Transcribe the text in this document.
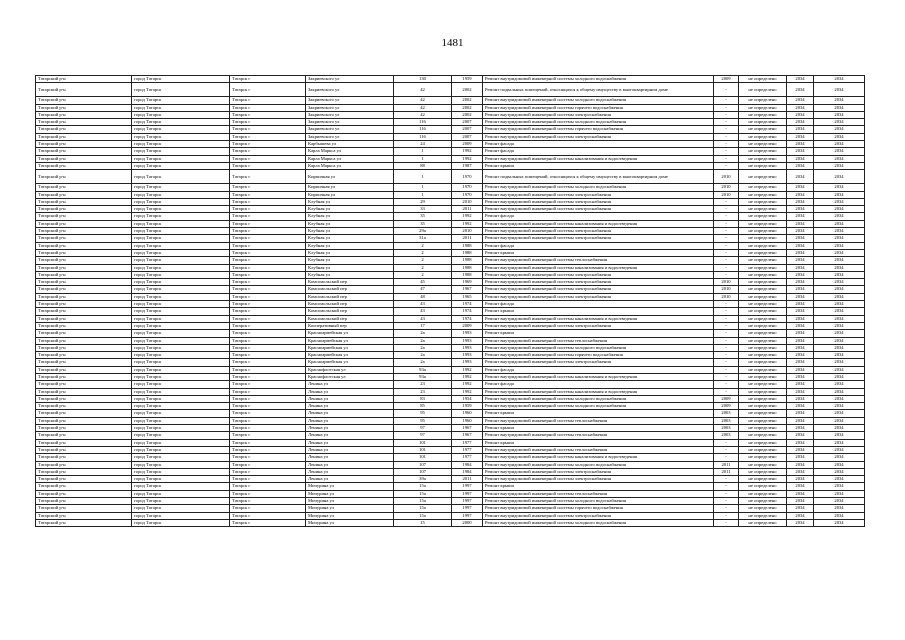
1481
Татарский р-н	город Татарск	Татарск г	Закриевского ул	130	1959	Ремонт внутридомовой инженерной системы холодного водоснабжения	2009	не определено	2034	2034
Татарский р-н	город Татарск	Татарск г	Закриевского ул	42	2002	Ремонт подвальных помещений, относящихся к общему имуществу в многоквартирном доме	-	не определено	2034	2034
Татарский р-н	город Татарск	Татарск г	Закриевского ул	42	2002	Ремонт внутридомовой инженерной системы холодного водоснабжения	-	не определено	2034	2034
Татарский р-н	город Татарск	Татарск г	Закриевского ул	42	2002	Ремонт внутридомовой инженерной системы горячего водоснабжения	-	не определено	2034	2034
Татарский р-н	город Татарск	Татарск г	Закриевского ул	42	2002	Ремонт внутридомовой инженерной системы электроснабжения	-	не определено	2034	2034
Татарский р-н	город Татарск	Татарск г	Закриевского ул	116	2007	Ремонт внутридомовой инженерной системы холодного водоснабжения	-	не определено	2034	2034
Татарский р-н	город Татарск	Татарск г	Закриевского ул	116	2007	Ремонт внутридомовой инженерной системы горячего водоснабжения	-	не определено	2034	2034
Татарский р-н	город Татарск	Татарск г	Закриевского ул	116	2007	Ремонт внутридомовой инженерной системы электроснабжения	-	не определено	2034	2034
Татарский р-н	город Татарск	Татарск г	Карбышева ул	24	2009	Ремонт фасада	-	не определено	2034	2034
Татарский р-н	город Татарск	Татарск г	Карла Маркса ул	1	1992	Ремонт фасада	-	не определено	2034	2034
Татарский р-н	город Татарск	Татарск г	Карла Маркса ул	1	1992	Ремонт внутридомовой инженерной системы канализования и водоотведения	-	не определено	2034	2034
Татарский р-н	город Татарск	Татарск г	Карла Маркса ул	88	1987	Ремонт крыши	-	не определено	2034	2034
Татарский р-н	город Татарск	Татарск г	Кирпичная ул	1	1970	Ремонт подвальных помещений, относящихся к общему имуществу в многоквартирном доме	2010	не определено	2034	2034
Татарский р-н	город Татарск	Татарск г	Кирпичная ул	1	1970	Ремонт внутридомовой инженерной системы холодного водоснабжения	2010	не определено	2034	2034
Татарский р-н	город Татарск	Татарск г	Кирпичная ул	1	1970	Ремонт внутридомовой инженерной системы электроснабжения	2010	не определено	2034	2034
Татарский р-н	город Татарск	Татарск г	Клубная ул	29	2010	Ремонт внутридомовой инженерной системы электроснабжения	-	не определено	2034	2034
Татарский р-н	город Татарск	Татарск г	Клубная ул	33	2011	Ремонт внутридомовой инженерной системы электроснабжения	-	не определено	2034	2034
Татарский р-н	город Татарск	Татарск г	Клубная ул	35	1992	Ремонт фасада	-	не определено	2034	2034
Татарский р-н	город Татарск	Татарск г	Клубная ул	35	1992	Ремонт внутридомовой инженерной системы канализования и водоотведения	-	не определено	2034	2034
Татарский р-н	город Татарск	Татарск г	Клубная ул	29а	2010	Ремонт внутридомовой инженерной системы электроснабжения	-	не определено	2034	2034
Татарский р-н	город Татарск	Татарск г	Клубная ул	31а	2011	Ремонт внутридомовой инженерной системы электроснабжения	-	не определено	2034	2034
Татарский р-н	город Татарск	Татарск г	Клубная ул	2	1988	Ремонт фасада	-	не определено	2034	2034
Татарский р-н	город Татарск	Татарск г	Клубная ул	2	1988	Ремонт крыши	-	не определено	2034	2034
Татарский р-н	город Татарск	Татарск г	Клубная ул	2	1988	Ремонт внутридомовой инженерной системы теплоснабжения	-	не определено	2034	2034
Татарский р-н	город Татарск	Татарск г	Клубная ул	2	1988	Ремонт внутридомовой инженерной системы канализования и водоотведения	-	не определено	2034	2034
Татарский р-н	город Татарск	Татарск г	Клубная ул	2	1988	Ремонт внутридомовой инженерной системы электроснабжения	-	не определено	2034	2034
Татарский р-н	город Татарск	Татарск г	Комсомольский пер	45	1969	Ремонт внутридомовой инженерной системы электроснабжения	2010	не определено	2034	2034
Татарский р-н	город Татарск	Татарск г	Комсомольский пер	47	1967	Ремонт внутридомовой инженерной системы электроснабжения	2010	не определено	2034	2034
Татарский р-н	город Татарск	Татарск г	Комсомольский пер	48	1965	Ремонт внутридомовой инженерной системы электроснабжения	2010	не определено	2034	2034
Татарский р-н	город Татарск	Татарск г	Комсомольский пер	43	1974	Ремонт фасада	-	не определено	2034	2034
Татарский р-н	город Татарск	Татарск г	Комсомольский пер	43	1974	Ремонт крыши	-	не определено	2034	2034
Татарский р-н	город Татарск	Татарск г	Комсомольский пер	43	1974	Ремонт внутридомовой инженерной системы канализования и водоотведения	-	не определено	2034	2034
Татарский р-н	город Татарск	Татарск г	Кооперативный пер	17	2009	Ремонт внутридомовой инженерной системы электроснабжения	-	не определено	2034	2034
Татарский р-н	город Татарск	Татарск г	Красноармейская ул	2а	1993	Ремонт крыши	-	не определено	2034	2034
Татарский р-н	город Татарск	Татарск г	Красноармейская ул	2а	1993	Ремонт внутридомовой инженерной системы теплоснабжения	-	не определено	2034	2034
Татарский р-н	город Татарск	Татарск г	Красноармейская ул	2а	1993	Ремонт внутридомовой инженерной системы холодного водоснабжения	-	не определено	2034	2034
Татарский р-н	город Татарск	Татарск г	Красноармейская ул	2а	1993	Ремонт внутридомовой инженерной системы горячего водоснабжения	-	не определено	2034	2034
Татарский р-н	город Татарск	Татарск г	Красноармейская ул	2а	1993	Ремонт внутридомовой инженерной системы электроснабжения	-	не определено	2034	2034
Татарский р-н	город Татарск	Татарск г	Краснофлотская ул	93а	1992	Ремонт фасада	-	не определено	2034	2034
Татарский р-н	город Татарск	Татарск г	Краснофлотская ул	93а	1992	Ремонт внутридомовой инженерной системы канализования и водоотведения	-	не определено	2034	2034
Татарский р-н	город Татарск	Татарск г	Ленина ул	23	1992	Ремонт фасада	-	не определено	2034	2034
Татарский р-н	город Татарск	Татарск г	Ленина ул	23	1992	Ремонт внутридомовой инженерной системы канализования и водоотведения	-	не определено	2034	2034
Татарский р-н	город Татарск	Татарск г	Ленина ул	83	1954	Ремонт внутридомовой инженерной системы холодного водоснабжения	2009	не определено	2034	2034
Татарский р-н	город Татарск	Татарск г	Ленина ул	85	1959	Ремонт внутридомовой инженерной системы холодного водоснабжения	2009	не определено	2034	2034
Татарский р-н	город Татарск	Татарск г	Ленина ул	95	1960	Ремонт крыши	2003	не определено	2034	2034
Татарский р-н	город Татарск	Татарск г	Ленина ул	95	1960	Ремонт внутридомовой инженерной системы теплоснабжения	2003	не определено	2034	2034
Татарский р-н	город Татарск	Татарск г	Ленина ул	97	1967	Ремонт крыши	2003	не определено	2034	2034
Татарский р-н	город Татарск	Татарск г	Ленина ул	97	1967	Ремонт внутридомовой инженерной системы теплоснабжения	2003	не определено	2034	2034
Татарский р-н	город Татарск	Татарск г	Ленина ул	101	1977	Ремонт крыши	-	не определено	2034	2034
Татарский р-н	город Татарск	Татарск г	Ленина ул	101	1977	Ремонт внутридомовой инженерной системы теплоснабжения	-	не определено	2034	2034
Татарский р-н	город Татарск	Татарск г	Ленина ул	101	1977	Ремонт внутридомовой инженерной системы канализования и водоотведения	-	не определено	2034	2034
Татарский р-н	город Татарск	Татарск г	Ленина ул	107	1984	Ремонт внутридомовой инженерной системы холодного водоснабжения	2011	не определено	2034	2034
Татарский р-н	город Татарск	Татарск г	Ленина ул	107	1984	Ремонт внутридомовой инженерной системы электроснабжения	2011	не определено	2034	2034
Татарский р-н	город Татарск	Татарск г	Ленина ул	39а	2011	Ремонт внутридомовой инженерной системы электроснабжения	-	не определено	2034	2034
Татарский р-н	город Татарск	Татарск г	Мичурина ул	15а	1997	Ремонт крыши	-	не определено	2034	2034
Татарский р-н	город Татарск	Татарск г	Мичурина ул	15а	1997	Ремонт внутридомовой инженерной системы теплоснабжения	-	не определено	2034	2034
Татарский р-н	город Татарск	Татарск г	Мичурина ул	15а	1997	Ремонт внутридомовой инженерной системы холодного водоснабжения	-	не определено	2034	2034
Татарский р-н	город Татарск	Татарск г	Мичурина ул	15а	1997	Ремонт внутридомовой инженерной системы горячего водоснабжения	-	не определено	2034	2034
Татарский р-н	город Татарск	Татарск г	Мичурина ул	15а	1997	Ремонт внутридомовой инженерной системы электроснабжения	-	не определено	2034	2034
Татарский р-н	город Татарск	Татарск г	Мичурина ул	15	2000	Ремонт внутридомовой инженерной системы холодного водоснабжения	-	не определено	2034	2034
